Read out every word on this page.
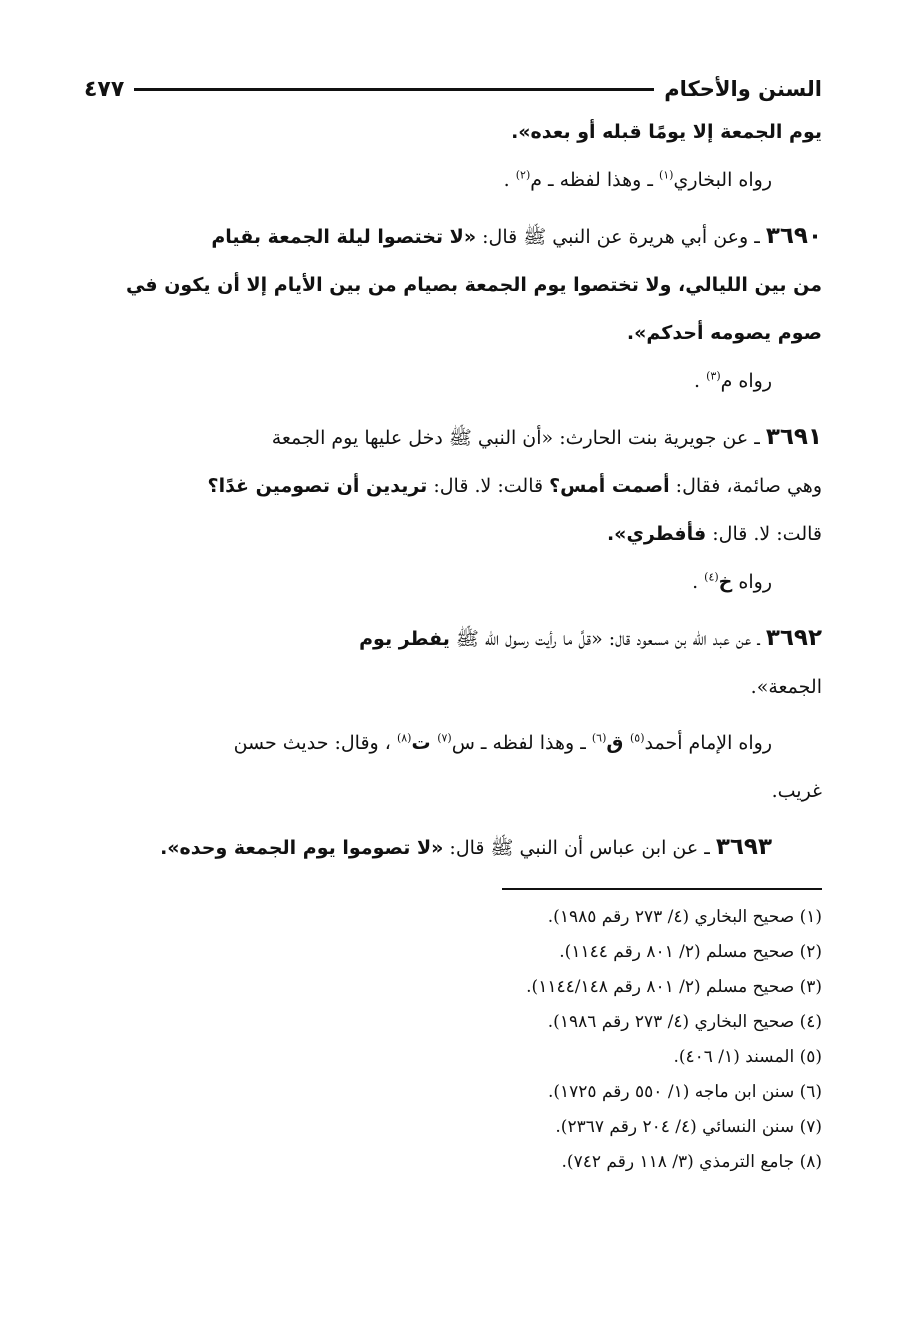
السنن والأحكام
٤٧٧

يوم الجمعة إلا يومًا قبله أو بعده».

رواه البخاري$^{(١)}$ ـ وهذا لفظه ـ م$^{(٢)}$ .

٣٦٩٠ ـ وعن أبي هريرة عن النبي ﷺ قال: «لا تختصوا ليلة الجمعة بقيام

من بين الليالي، ولا تختصوا يوم الجمعة بصيام من بين الأيام إلا أن يكون في

صوم يصومه أحدكم».

رواه م$^{(٣)}$ .

٣٦٩١ ـ عن جويرية بنت الحارث: «أن النبي ﷺ دخل عليها يوم الجمعة

وهي صائمة، فقال: أصمت أمس؟ قالت: لا. قال: تريدين أن تصومين غدًا؟

قالت: لا. قال: فأفطري».

رواه خ$^{(٤)}$ .

٣٦٩٢ ـ عن عبد الله بن مسعود قال: «قلَّ ما رأيت رسول الله ﷺ يفطر يوم

الجمعة».

رواه الإمام أحمد$^{(٥)}$ ق$^{(٦)}$ ـ وهذا لفظه ـ س$^{(٧)}$ ت$^{(٨)}$ ، وقال: حديث حسن

غريب.

٣٦٩٣ ـ عن ابن عباس أن النبي ﷺ قال: «لا تصوموا يوم الجمعة وحده».

(١) صحيح البخاري (٤/ ٢٧٣ رقم ١٩٨٥).

(٢) صحيح مسلم (٢/ ٨٠١ رقم ١١٤٤).

(٣) صحيح مسلم (٢/ ٨٠١ رقم ١١٤٤/١٤٨).

(٤) صحيح البخاري (٤/ ٢٧٣ رقم ١٩٨٦).

(٥) المسند (١/ ٤٠٦).

(٦) سنن ابن ماجه (١/ ٥٥٠ رقم ١٧٢٥).

(٧) سنن النسائي (٤/ ٢٠٤ رقم ٢٣٦٧).

(٨) جامع الترمذي (٣/ ١١٨ رقم ٧٤٢).
